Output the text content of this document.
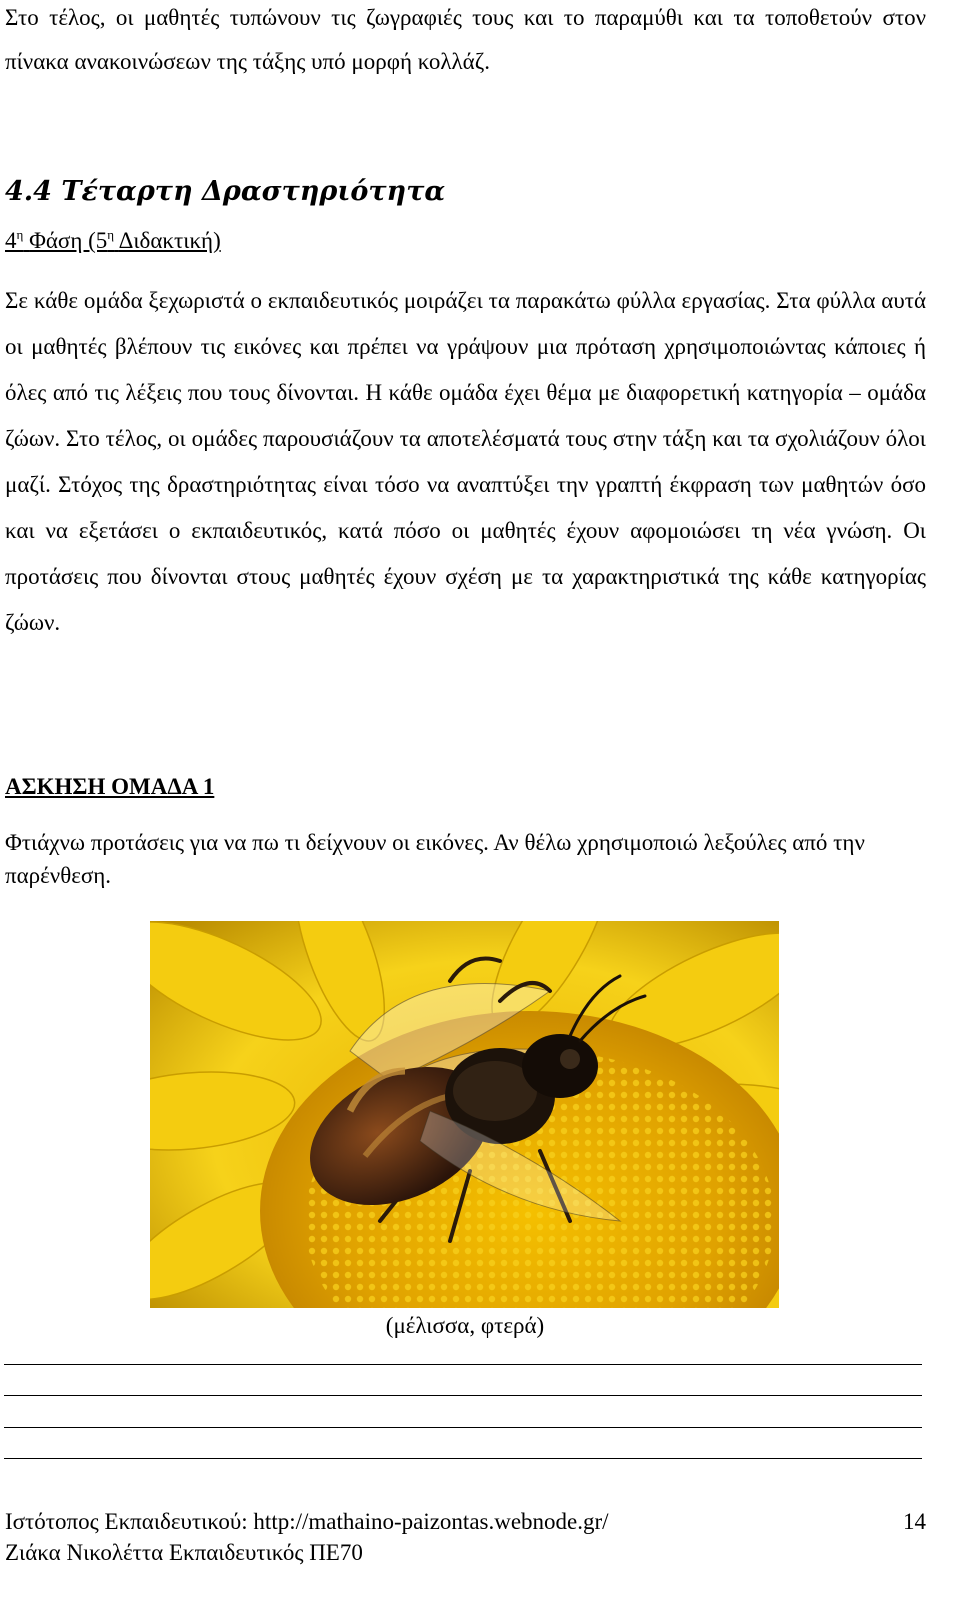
Στο τέλος, οι μαθητές τυπώνουν τις ζωγραφιές τους και το παραμύθι και τα τοποθετούν στον πίνακα ανακοινώσεων της τάξης υπό μορφή κολλάζ.

4.4 Τέταρτη Δραστηριότητα

$4^\eta$ Φάση ($5^\eta$ Διδακτική)

Σε κάθε ομάδα ξεχωριστά ο εκπαιδευτικός μοιράζει τα παρακάτω φύλλα εργασίας. Στα φύλλα αυτά οι μαθητές βλέπουν τις εικόνες και πρέπει να γράψουν μια πρόταση χρησιμοποιώντας κάποιες ή όλες από τις λέξεις που τους δίνονται. Η κάθε ομάδα έχει θέμα με διαφορετική κατηγορία – ομάδα ζώων. Στο τέλος, οι ομάδες παρουσιάζουν τα αποτελέσματά τους στην τάξη και τα σχολιάζουν όλοι μαζί. Στόχος της δραστηριότητας είναι τόσο να αναπτύξει την γραπτή έκφραση των μαθητών όσο και να εξετάσει ο εκπαιδευτικός, κατά πόσο οι μαθητές έχουν αφομοιώσει τη νέα γνώση. Οι προτάσεις που δίνονται στους μαθητές έχουν σχέση με τα χαρακτηριστικά της κάθε κατηγορίας ζώων.

ΑΣΚΗΣΗ ΟΜΑΔΑ 1

Φτιάχνω προτάσεις για να πω τι δείχνουν οι εικόνες. Αν θέλω χρησιμοποιώ λεξούλες από την παρένθεση.

(μέλισσα, φτερά)

Ιστότοπος Εκπαιδευτικού: http://mathaino-paizontas.webnode.gr/
Ζιάκα Νικολέττα Εκπαιδευτικός ΠΕ70
14
